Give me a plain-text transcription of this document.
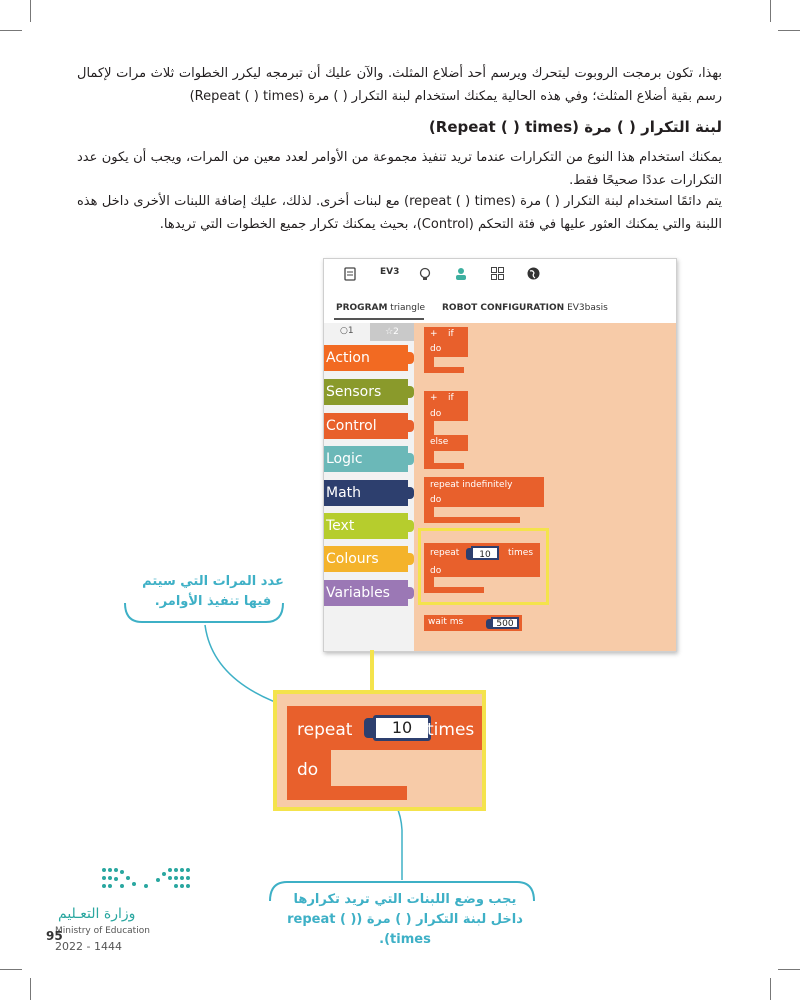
بهذا، تكون برمجت الروبوت ليتحرك ويرسم أحد أضلاع المثلث. والآن عليك أن تبرمجه ليكرر الخطوات ثلاث مرات لإكمال رسم بقية أضلاع المثلث؛ وفي هذه الحالية يمكنك استخدام لبنة التكرار ( ) مرة (Repeat ( ) times)

لبنة التكرار ( ) مرة (Repeat ( ) times)

يمكنك استخدام هذا النوع من التكرارات عندما تريد تنفيذ مجموعة من الأوامر لعدد معين من المرات، ويجب أن يكون عدد التكرارات عددًا صحيحًا فقط.

يتم دائمًا استخدام لبنة التكرار ( ) مرة (repeat ( ) times) مع لبنات أخرى. لذلك، عليك إضافة اللبنات الأخرى داخل هذه اللبنة والتي يمكنك العثور عليها في فئة التحكم (Control)، بحيث يمكنك تكرار جميع الخطوات التي تريدها.

EV3
PROGRAM triangle ROBOT CONFIGURATION EV3basis
○1	☆2
Action
Sensors
Control
Logic
Math
Text
Colours
Variables
+ if
do
+ if
do
else
repeat indefinitely
do
repeat	10	times
do
wait ms	500
repeat	10 times
do
عدد المرات التي سيتم فيها تنفيذ الأوامر.
يجب وضع اللبنات التي تريد تكرارها داخل لبنة التكرار ( ) مرة (repeat ( ) times).
وزارة التعـليم
Ministry of Education
95
2022 - 1444
